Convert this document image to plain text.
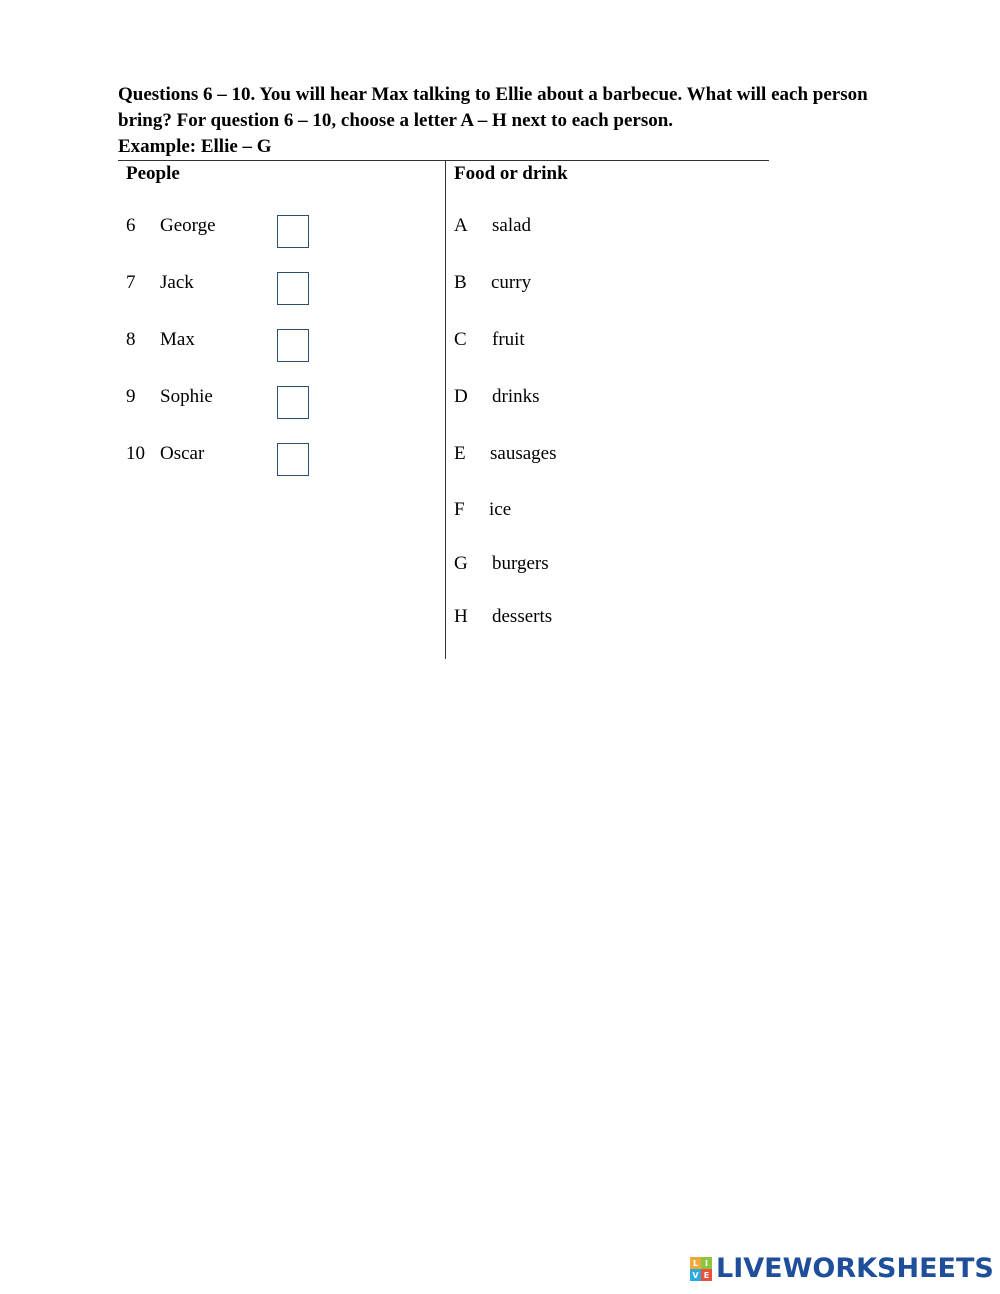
Questions 6 – 10. You will hear Max talking to Ellie about a barbecue. What will each person
bring? For question 6 – 10, choose a letter A – H next to each person.
Example: Ellie – G
People	Food or drink
6 George
7 Jack
8 Max
9 Sophie
10 Oscar
A salad
B curry
C fruit
D drinks
E sausages
F ice
G burgers
H desserts
L I
V E LIVEWORKSHEETS
